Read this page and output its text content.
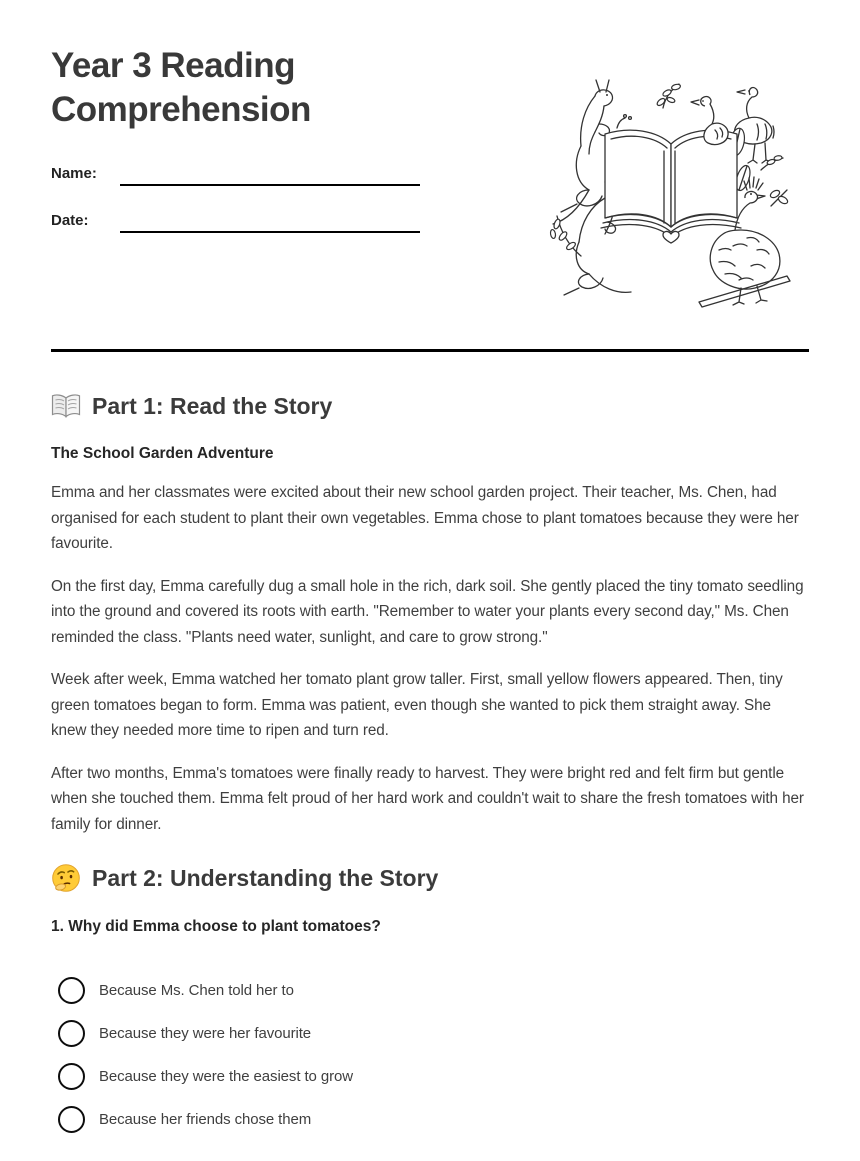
Year 3 Reading Comprehension
Name:
Date:
Part 1: Read the Story

The School Garden Adventure

Emma and her classmates were excited about their new school garden project. Their teacher, Ms. Chen, had organised for each student to plant their own vegetables. Emma chose to plant tomatoes because they were her favourite.

On the first day, Emma carefully dug a small hole in the rich, dark soil. She gently placed the tiny tomato seedling into the ground and covered its roots with earth. "Remember to water your plants every second day," Ms. Chen reminded the class. "Plants need water, sunlight, and care to grow strong."

Week after week, Emma watched her tomato plant grow taller. First, small yellow flowers appeared. Then, tiny green tomatoes began to form. Emma was patient, even though she wanted to pick them straight away. She knew they needed more time to ripen and turn red.

After two months, Emma's tomatoes were finally ready to harvest. They were bright red and felt firm but gentle when she touched them. Emma felt proud of her hard work and couldn't wait to share the fresh tomatoes with her family for dinner.

Part 2: Understanding the Story

1. Why did Emma choose to plant tomatoes?

Because Ms. Chen told her to
Because they were her favourite
Because they were the easiest to grow
Because her friends chose them
